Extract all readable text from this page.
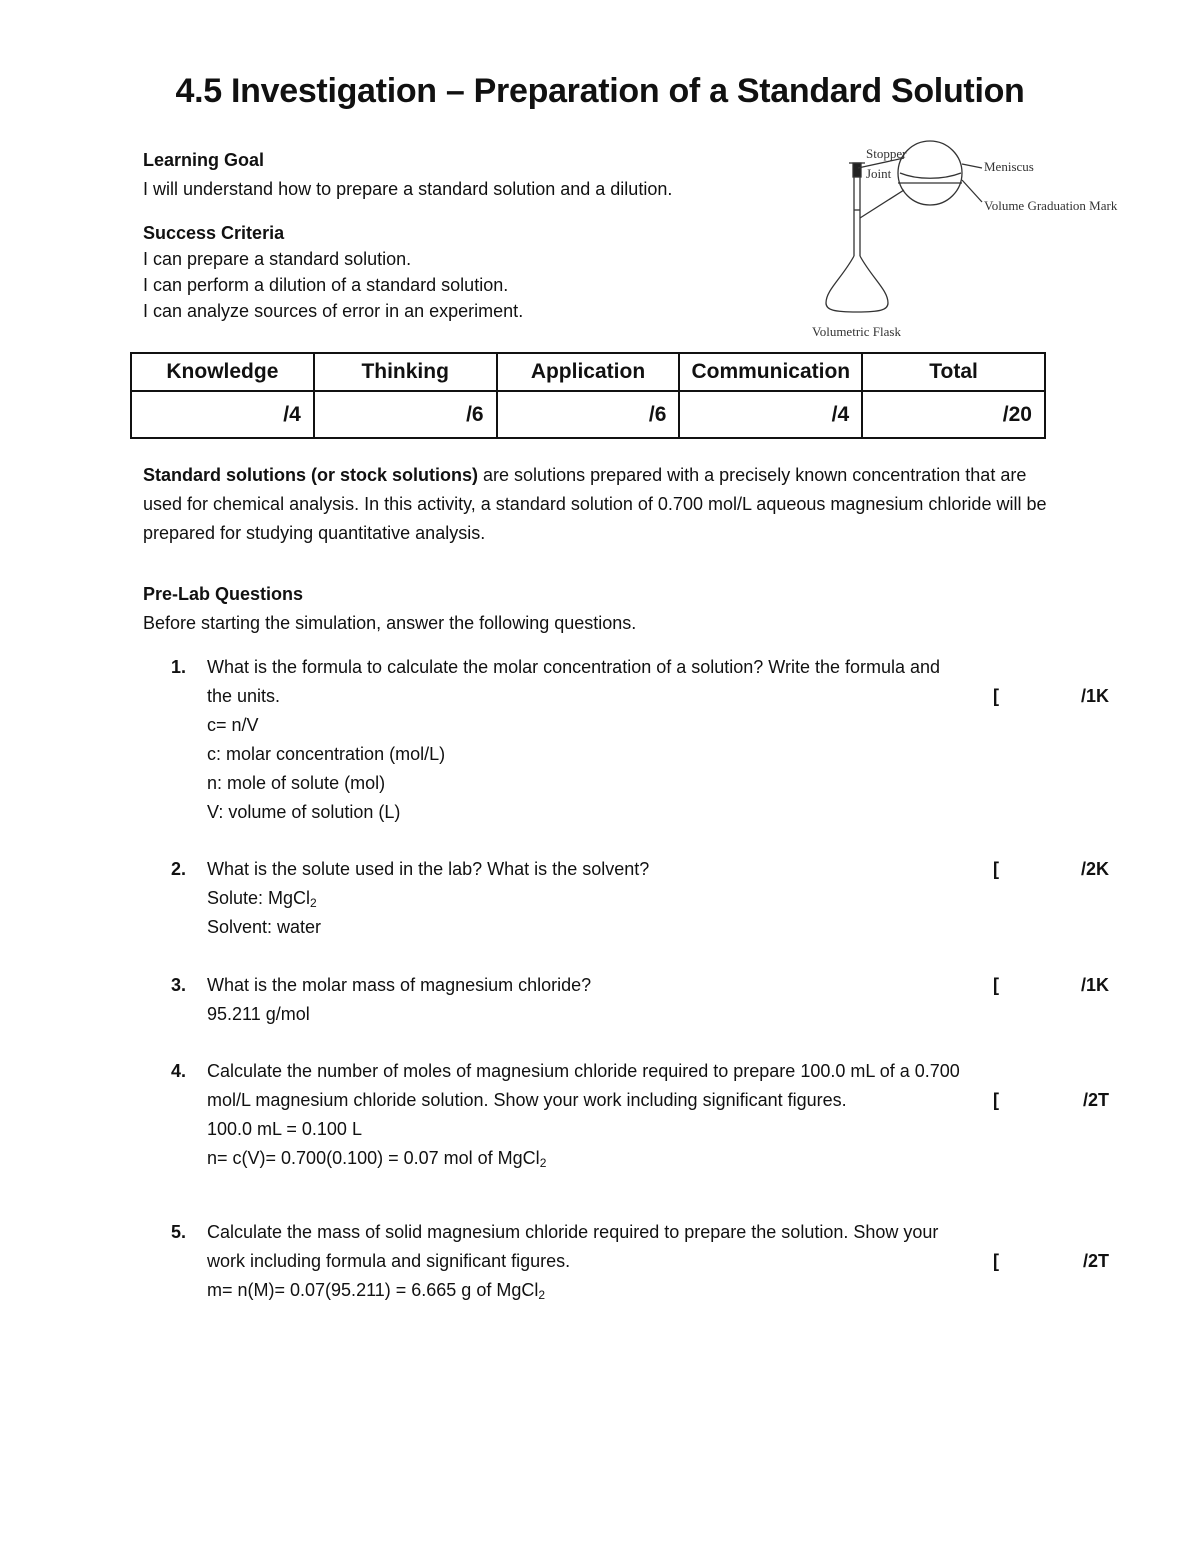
4.5 Investigation – Preparation of a Standard Solution
Learning Goal
I will understand how to prepare a standard solution and a dilution.
Success Criteria
I can prepare a standard solution.
I can perform a dilution of a standard solution.
I can analyze sources of error in an experiment.
Stopper
Joint	Meniscus
Volume Graduation Mark
Volumetric Flask
Knowledge	Thinking	Application	Communication	Total
/4	/6	/6	/4	/20
Standard solutions (or stock solutions) are solutions prepared with a precisely known concentration that are used for chemical analysis. In this activity, a standard solution of 0.700 mol/L aqueous magnesium chloride will be prepared for studying quantitative analysis.
Pre-Lab Questions
Before starting the simulation, answer the following questions.
1. What is the formula to calculate the molar concentration of a solution? Write the formula and
the units.	[	/1K
c= n/V
c: molar concentration (mol/L)
n: mole of solute (mol)
V: volume of solution (L)
2. What is the solute used in the lab? What is the solvent?	[	/2K
Solute: MgCl$_2$
Solvent: water
3. What is the molar mass of magnesium chloride?	[	/1K
95.211 g/mol
4. Calculate the number of moles of magnesium chloride required to prepare 100.0 mL of a 0.700
mol/L magnesium chloride solution. Show your work including significant figures.	[	/2T
100.0 mL = 0.100 L
n= c(V)= 0.700(0.100) = 0.07 mol of MgCl$_2$
5. Calculate the mass of solid magnesium chloride required to prepare the solution. Show your
work including formula and significant figures.	[	/2T
m= n(M)= 0.07(95.211) = 6.665 g of MgCl$_2$
